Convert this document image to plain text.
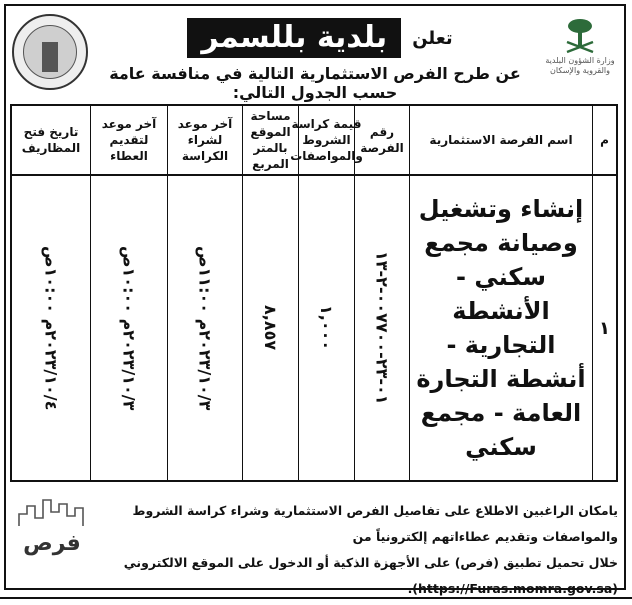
وزارة الشؤون البلدية
والقروية والإسكان
تعلن بلدية بللسمر
عن طرح الفرص الاستثمارية التالية في منافسة عامة حسب الجدول التالي:
تاريخ فتح المظاريف
٢٠٢٣/١٠/٤م ١٠:٠٠ص
آخر موعد لتقديم العطاء
٢٠٢٣/١٠/٣م ١٠:٠٠ص
آخر موعد لشراء الكراسة
٢٠٢٣/١٠/٣م ١١:٠٠ص
مساحة الموقع بالمتر المربع
٨,٨٥٧
قيمة كراسة الشروط والمواصفات
١,٠٠٠
رقم الفرصة
٠١-٢٣-٠٠٧٧٠٠-٢-١٣
اسم الفرصة الاستثمارية
إنشاء وتشغيل وصيانة مجمع سكني - الأنشطة التجارية - أنشطة التجارة العامة - مجمع سكني
م
١
فرص
يامكان الراغبين الاطلاع على تفاصيل الفرص الاستثمارية وشراء كراسة الشروط والمواصفات وتقديم عطاءاتهم إلكترونياً من
خلال تحميل تطبيق (فرص) على الأجهزة الذكية أو الدخول على الموقع الالكتروني (https://Furas.momra.gov.sa).
